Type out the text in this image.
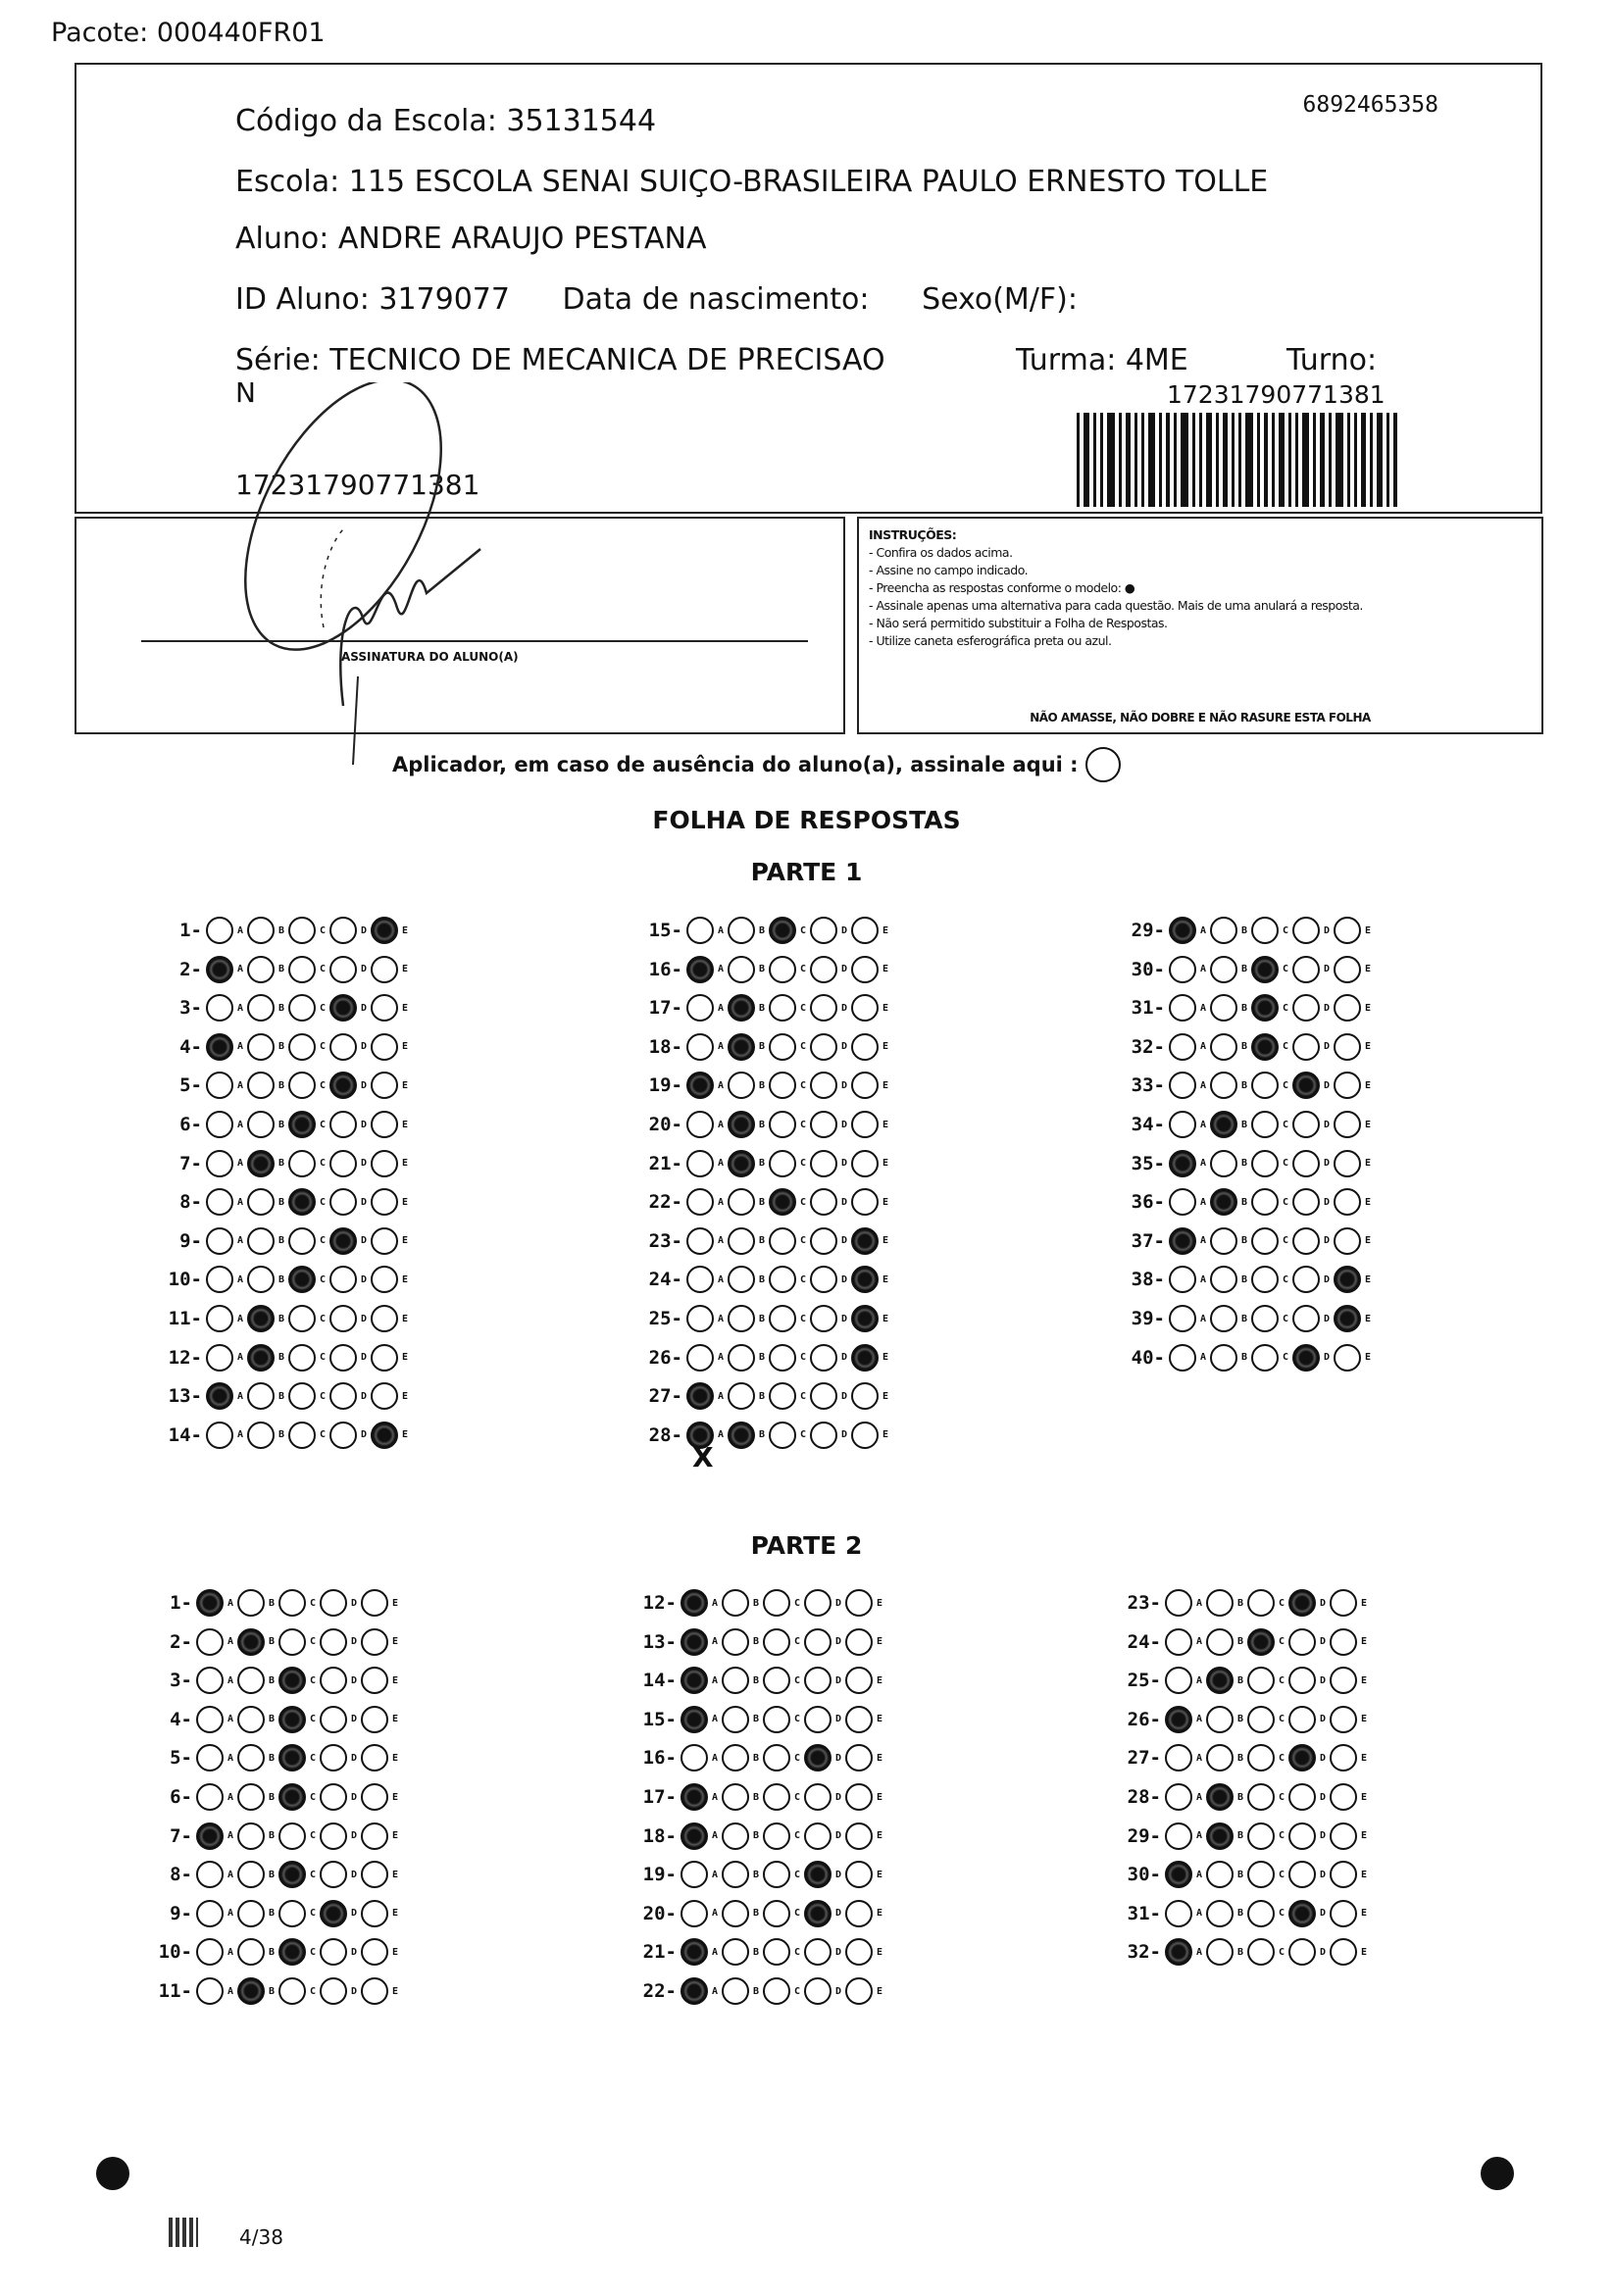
Pacote: 000440FR01
6892465358
Código da Escola: 35131544
Escola: 115 ESCOLA SENAI SUIÇO-BRASILEIRA PAULO ERNESTO TOLLE
Aluno: ANDRE ARAUJO PESTANA
ID Aluno: 3179077 Data de nascimento: Sexo(M/F):
Série: TECNICO DE MECANICA DE PRECISAO	Turma: 4ME	Turno:
N	17231790771381
17231790771381
ASSINATURA DO ALUNO(A)
INSTRUÇÕES:
- Confira os dados acima.
- Assine no campo indicado.
- Preencha as respostas conforme o modelo: ●
- Assinale apenas uma alternativa para cada questão. Mais de uma anulará a resposta.
- Não será permitido substituir a Folha de Respostas.
- Utilize caneta esferográfica preta ou azul.
NÃO AMASSE, NÃO DOBRE E NÃO RASURE ESTA FOLHA
Aplicador, em caso de ausência do aluno(a), assinale aqui :
FOLHA DE RESPOSTAS
PARTE 1
PARTE 2
1-	A	B	C	D	E
2-	A	B	C	D	E
3-	A	B	C	D	E
4-	A	B	C	D	E
5-	A	B	C	D	E
6-	A	B	C	D	E
7-	A	B	C	D	E
8-	A	B	C	D	E
9-	A	B	C	D	E
10-	A	B	C	D	E
11-	A	B	C	D	E
12-	A	B	C	D	E
13-	A	B	C	D	E
14-	A	B	C	D	E
15-	A	B	C	D	E
16-	A	B	C	D	E
17-	A	B	C	D	E
18-	A	B	C	D	E
19-	A	B	C	D	E
20-	A	B	C	D	E
21-	A	B	C	D	E
22-	A	B	C	D	E
23-	A	B	C	D	E
24-	A	B	C	D	E
25-	A	B	C	D	E
26-	A	B	C	D	E
27-	A	B	C	D	E
28-	A	B	C	D	E
29-	A	B	C	D	E
30-	A	B	C	D	E
31-	A	B	C	D	E
32-	A	B	C	D	E
33-	A	B	C	D	E
34-	A	B	C	D	E
35-	A	B	C	D	E
36-	A	B	C	D	E
37-	A	B	C	D	E
38-	A	B	C	D	E
39-	A	B	C	D	E
40-	A	B	C	D	E
1-	A	B	C	D	E
2-	A	B	C	D	E
3-	A	B	C	D	E
4-	A	B	C	D	E
5-	A	B	C	D	E
6-	A	B	C	D	E
7-	A	B	C	D	E
8-	A	B	C	D	E
9-	A	B	C	D	E
10-	A	B	C	D	E
11-	A	B	C	D	E
12-	A	B	C	D	E
13-	A	B	C	D	E
14-	A	B	C	D	E
15-	A	B	C	D	E
16-	A	B	C	D	E
17-	A	B	C	D	E
18-	A	B	C	D	E
19-	A	B	C	D	E
20-	A	B	C	D	E
21-	A	B	C	D	E
22-	A	B	C	D	E
23-	A	B	C	D	E
24-	A	B	C	D	E
25-	A	B	C	D	E
26-	A	B	C	D	E
27-	A	B	C	D	E
28-	A	B	C	D	E
29-	A	B	C	D	E
30-	A	B	C	D	E
31-	A	B	C	D	E
32-	A	B	C	D	E
X
4/38
